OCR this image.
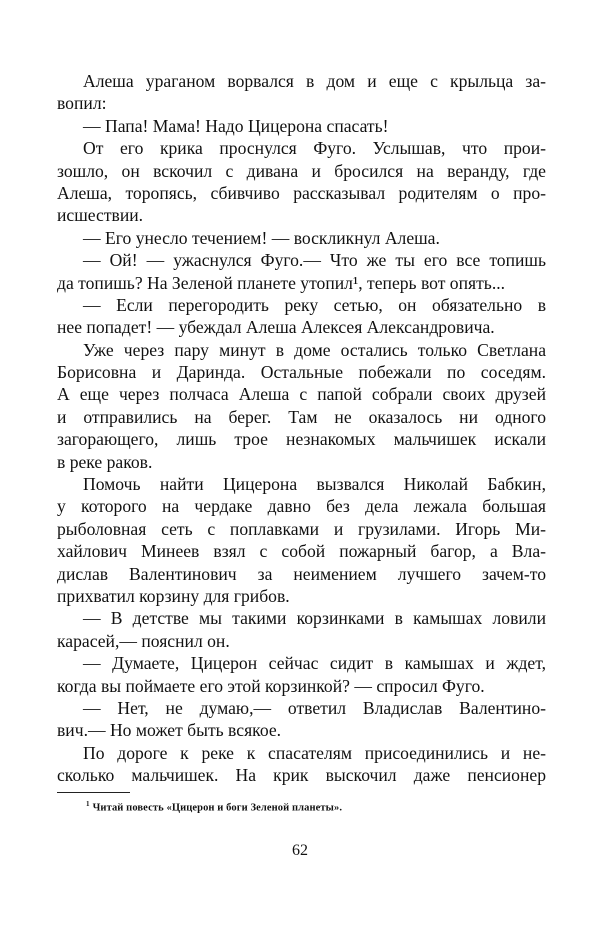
Алеша ураганом ворвался в дом и еще с крыльца за-
вопил:
— Папа! Мама! Надо Цицерона спасать!
От его крика проснулся Фуго. Услышав, что прои-
зошло, он вскочил с дивана и бросился на веранду, где
Алеша, торопясь, сбивчиво рассказывал родителям о про-
исшествии.
— Его унесло течением! — воскликнул Алеша.
— Ой! — ужаснулся Фуго.— Что же ты его все топишь
да топишь? На Зеленой планете утопил¹, теперь вот опять...
— Если перегородить реку сетью, он обязательно в
нее попадет! — убеждал Алеша Алексея Александровича.
Уже через пару минут в доме остались только Светлана
Борисовна и Даринда. Остальные побежали по соседям.
А еще через полчаса Алеша с папой собрали своих друзей
и отправились на берег. Там не оказалось ни одного
загорающего, лишь трое незнакомых мальчишек искали
в реке раков.
Помочь найти Цицерона вызвался Николай Бабкин,
у которого на чердаке давно без дела лежала большая
рыболовная сеть с поплавками и грузилами. Игорь Ми-
хайлович Минеев взял с собой пожарный багор, а Вла-
дислав Валентинович за неимением лучшего зачем-то
прихватил корзину для грибов.
— В детстве мы такими корзинками в камышах ловили
карасей,— пояснил он.
— Думаете, Цицерон сейчас сидит в камышах и ждет,
когда вы поймаете его этой корзинкой? — спросил Фуго.
— Нет, не думаю,— ответил Владислав Валентино-
вич.— Но может быть всякое.
По дороге к реке к спасателям присоединились и не-
сколько мальчишек. На крик выскочил даже пенсионер
$^1$ Читай повесть «Цицерон и боги Зеленой планеты».
62
